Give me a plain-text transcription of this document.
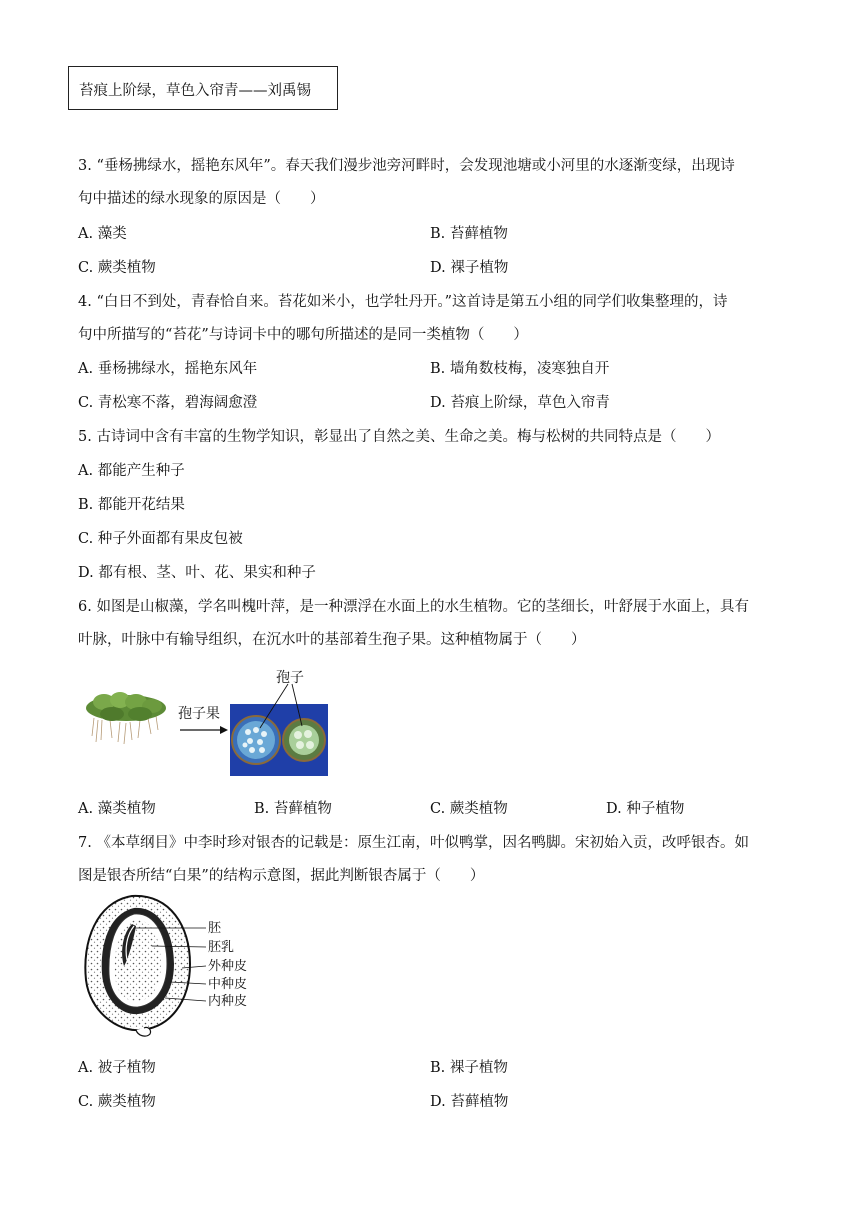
苔痕上阶绿，草色入帘青——刘禹锡
3. “垂杨拂绿水，摇艳东风年”。春天我们漫步池旁河畔时，会发现池塘或小河里的水逐渐变绿，出现诗
句中描述的绿水现象的原因是（　　）
A. 藻类	B. 苔藓植物
C. 蕨类植物	D. 裸子植物
4. “白日不到处，青春恰自来。苔花如米小，也学牡丹开。”这首诗是第五小组的同学们收集整理的，诗
句中所描写的“苔花”与诗词卡中的哪句所描述的是同一类植物（　　）
A. 垂杨拂绿水，摇艳东风年	B. 墙角数枝梅，凌寒独自开
C. 青松寒不落，碧海阔愈澄	D. 苔痕上阶绿，草色入帘青
5. 古诗词中含有丰富的生物学知识，彰显出了自然之美、生命之美。梅与松树的共同特点是（　　）
A. 都能产生种子
B. 都能开花结果
C. 种子外面都有果皮包被
D. 都有根、茎、叶、花、果实和种子
6. 如图是山椒藻，学名叫槐叶萍，是一种漂浮在水面上的水生植物。它的茎细长，叶舒展于水面上，具有
叶脉，叶脉中有输导组织，在沉水叶的基部着生孢子果。这种植物属于（　　）
孢子果
孢子
A. 藻类植物	B. 苔藓植物	C. 蕨类植物	D. 种子植物
7. 《本草纲目》中李时珍对银杏的记载是：原生江南，叶似鸭掌，因名鸭脚。宋初始入贡，改呼银杏。如
图是银杏所结“白果”的结构示意图，据此判断银杏属于（　　）
胚
胚乳
外种皮
中种皮
内种皮
A. 被子植物	B. 裸子植物
C. 蕨类植物	D. 苔藓植物
